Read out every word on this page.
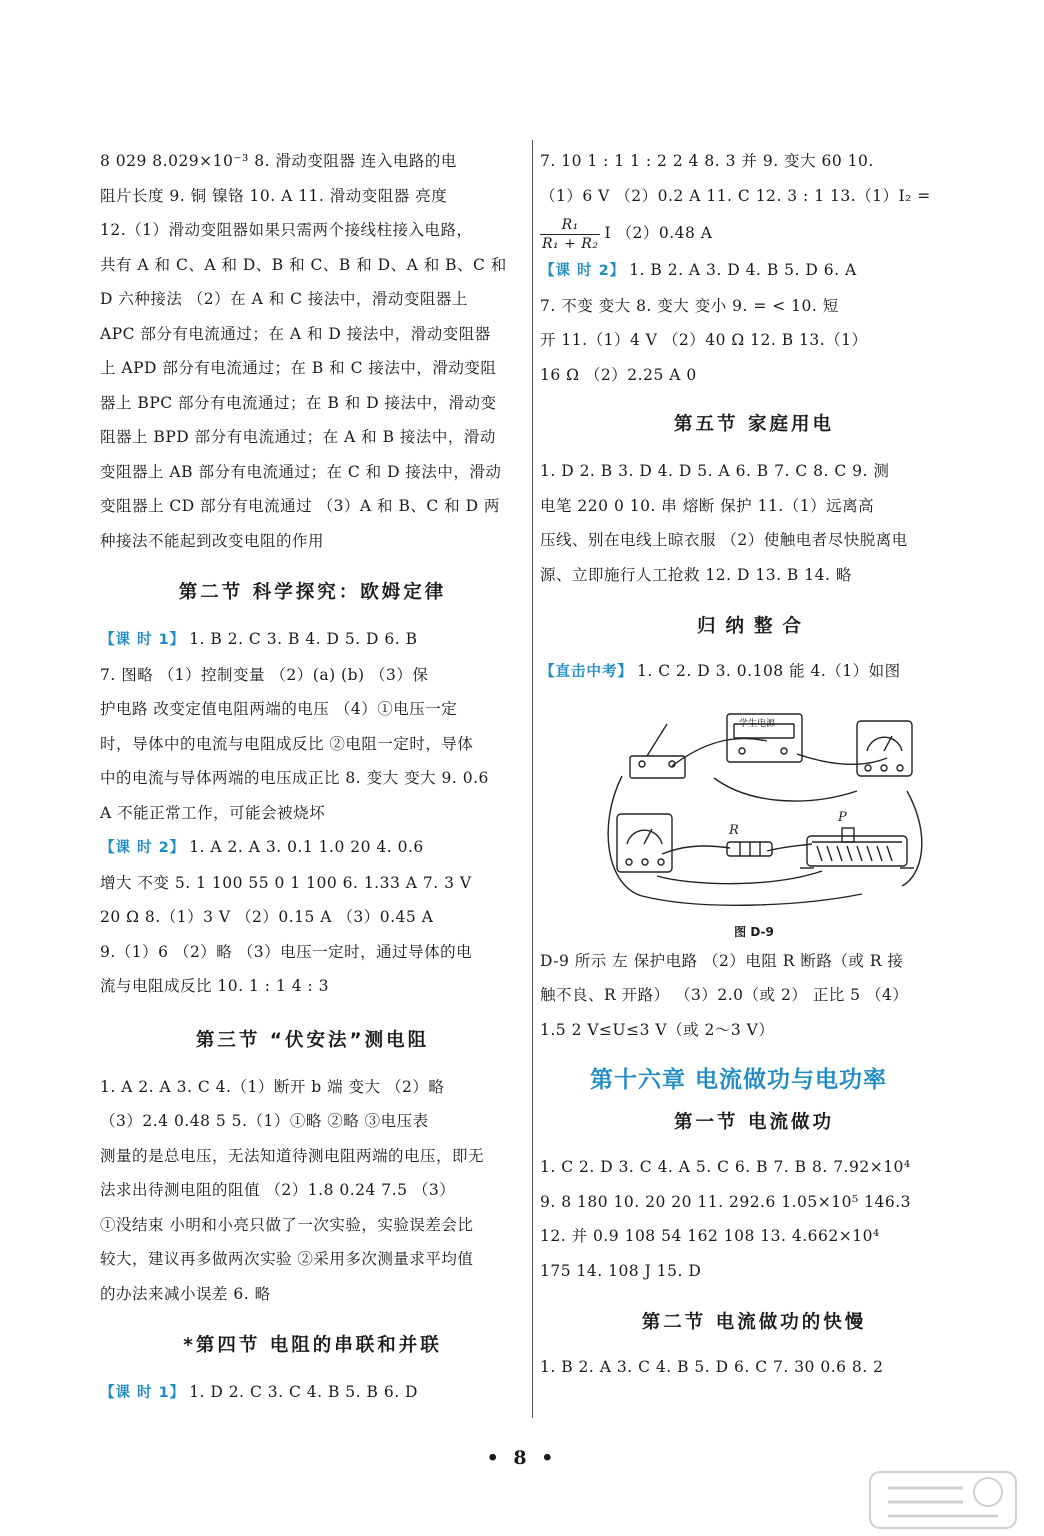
8 029 8.029×10⁻³ 8. 滑动变阻器 连入电路的电
阻片长度 9. 铜 镍铬 10. A 11. 滑动变阻器 亮度
12.（1）滑动变阻器如果只需两个接线柱接入电路，
共有 A 和 C、A 和 D、B 和 C、B 和 D、A 和 B、C 和
D 六种接法 （2）在 A 和 C 接法中，滑动变阻器上
APC 部分有电流通过；在 A 和 D 接法中，滑动变阻器
上 APD 部分有电流通过；在 B 和 C 接法中，滑动变阻
器上 BPC 部分有电流通过；在 B 和 D 接法中，滑动变
阻器上 BPD 部分有电流通过；在 A 和 B 接法中，滑动
变阻器上 AB 部分有电流通过；在 C 和 D 接法中，滑动
变阻器上 CD 部分有电流通过 （3）A 和 B、C 和 D 两
种接法不能起到改变电阻的作用
第二节 科学探究：欧姆定律
【课 时 1】 1. B 2. C 3. B 4. D 5. D 6. B
7. 图略 （1）控制变量 （2）(a) (b) （3）保
护电路 改变定值电阻两端的电压 （4）①电压一定
时，导体中的电流与电阻成反比 ②电阻一定时，导体
中的电流与导体两端的电压成正比 8. 变大 变大 9. 0.6
A 不能正常工作，可能会被烧坏
【课 时 2】 1. A 2. A 3. 0.1 1.0 20 4. 0.6
增大 不变 5. 1 100 55 0 1 100 6. 1.33 A 7. 3 V
20 Ω 8.（1）3 V （2）0.15 A （3）0.45 A
9.（1）6 （2）略 （3）电压一定时，通过导体的电
流与电阻成反比 10. 1 : 1 4 : 3
第三节 “伏安法”测电阻
1. A 2. A 3. C 4.（1）断开 b 端 变大 （2）略
（3）2.4 0.48 5 5.（1）①略 ②略 ③电压表
测量的是总电压，无法知道待测电阻两端的电压，即无
法求出待测电阻的阻值 （2）1.8 0.24 7.5 （3）
①没结束 小明和小亮只做了一次实验，实验误差会比
较大，建议再多做两次实验 ②采用多次测量求平均值
的办法来减小误差 6. 略
*第四节 电阻的串联和并联
【课 时 1】 1. D 2. C 3. C 4. B 5. B 6. D
7. 10 1 : 1 1 : 2 2 4 8. 3 并 9. 变大 60 10.
（1）6 V （2）0.2 A 11. C 12. 3 : 1 13.（1）I₂ =
$\frac{\text{R₁}}{\text{R₁ + R₂}}$ I （2）0.48 A
【课 时 2】 1. B 2. A 3. D 4. B 5. D 6. A
7. 不变 变大 8. 变大 变小 9. = < 10. 短
开 11.（1）4 V （2）40 Ω 12. B 13.（1）
16 Ω （2）2.25 A 0
第五节 家庭用电
1. D 2. B 3. D 4. D 5. A 6. B 7. C 8. C 9. 测
电笔 220 0 10. 串 熔断 保护 11.（1）远离高
压线、别在电线上晾衣服 （2）使触电者尽快脱离电
源、立即施行人工抢救 12. D 13. B 14. 略
归纳整合
【直击中考】 1. C 2. D 3. 0.108 能 4.（1）如图
学生电源
R
P
图 D-9
D-9 所示 左 保护电路 （2）电阻 R 断路（或 R 接
触不良、R 开路） （3）2.0（或 2） 正比 5 （4）
1.5 2 V≤U≤3 V（或 2～3 V）
第十六章 电流做功与电功率
第一节 电流做功
1. C 2. D 3. C 4. A 5. C 6. B 7. B 8. 7.92×10⁴
9. 8 180 10. 20 20 11. 292.6 1.05×10⁵ 146.3
12. 并 0.9 108 54 162 108 13. 4.662×10⁴
175 14. 108 J 15. D
第二节 电流做功的快慢
1. B 2. A 3. C 4. B 5. D 6. C 7. 30 0.6 8. 2
• 8 •
